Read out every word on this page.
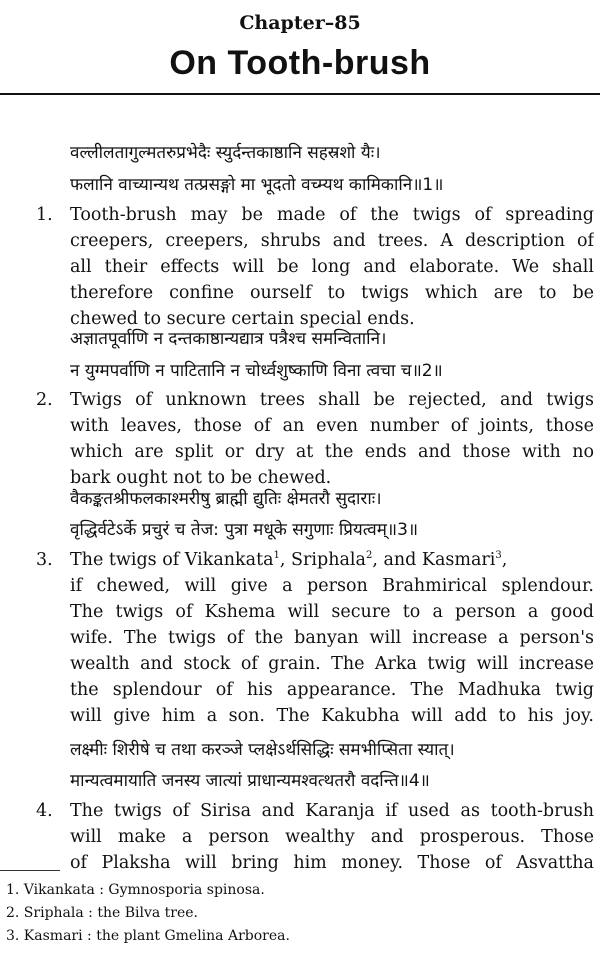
Chapter–85
On Tooth-brush
वल्लीलतागुल्मतरुप्रभेदैः स्युर्दन्तकाष्ठानि सहस्रशो यैः।
फलानि वाच्यान्यथ तत्प्रसङ्गो मा भूदतो वच्म्यथ कामिकानि॥1॥
1. Tooth-brush may be made of the twigs of spreading
creepers, creepers, shrubs and trees. A description of
all their effects will be long and elaborate. We shall
therefore confine ourself to twigs which are to be
chewed to secure certain special ends.
अज्ञातपूर्वाणि न दन्तकाष्ठान्यद्यात्र पत्रैश्च समन्वितानि।
न युग्मपर्वाणि न पाटितानि न चोर्ध्वशुष्काणि विना त्वचा च॥2॥
2. Twigs of unknown trees shall be rejected, and twigs
with leaves, those of an even number of joints, those
which are split or dry at the ends and those with no
bark ought not to be chewed.
वैकङ्कतश्रीफलकाश्मरीषु ब्राह्मी द्युतिः क्षेमतरौ सुदाराः।
वृद्धिर्वटेऽर्के प्रचुरं च तेज: पुत्रा मधूके सगुणाः प्रियत्वम्॥3॥
3. The twigs of Vikankata$^1$, Sriphala$^2$, and Kasmari$^3$,
if chewed, will give a person Brahmirical splendour.
The twigs of Kshema will secure to a person a good
wife. The twigs of the banyan will increase a person's
wealth and stock of grain. The Arka twig will increase
the splendour of his appearance. The Madhuka twig
will give him a son. The Kakubha will add to his joy.
लक्ष्मीः शिरीषे च तथा करञ्जे प्लक्षेऽर्थसिद्धिः समभीप्सिता स्यात्।
मान्यत्वमायाति जनस्य जात्यां प्राधान्यमश्वत्थतरौ वदन्ति॥4॥
4. The twigs of Sirisa and Karanja if used as tooth-brush
will make a person wealthy and prosperous. Those
of Plaksha will bring him money. Those of Asvattha
1. Vikankata : Gymnosporia spinosa.
2. Sriphala : the Bilva tree.
3. Kasmari : the plant Gmelina Arborea.
